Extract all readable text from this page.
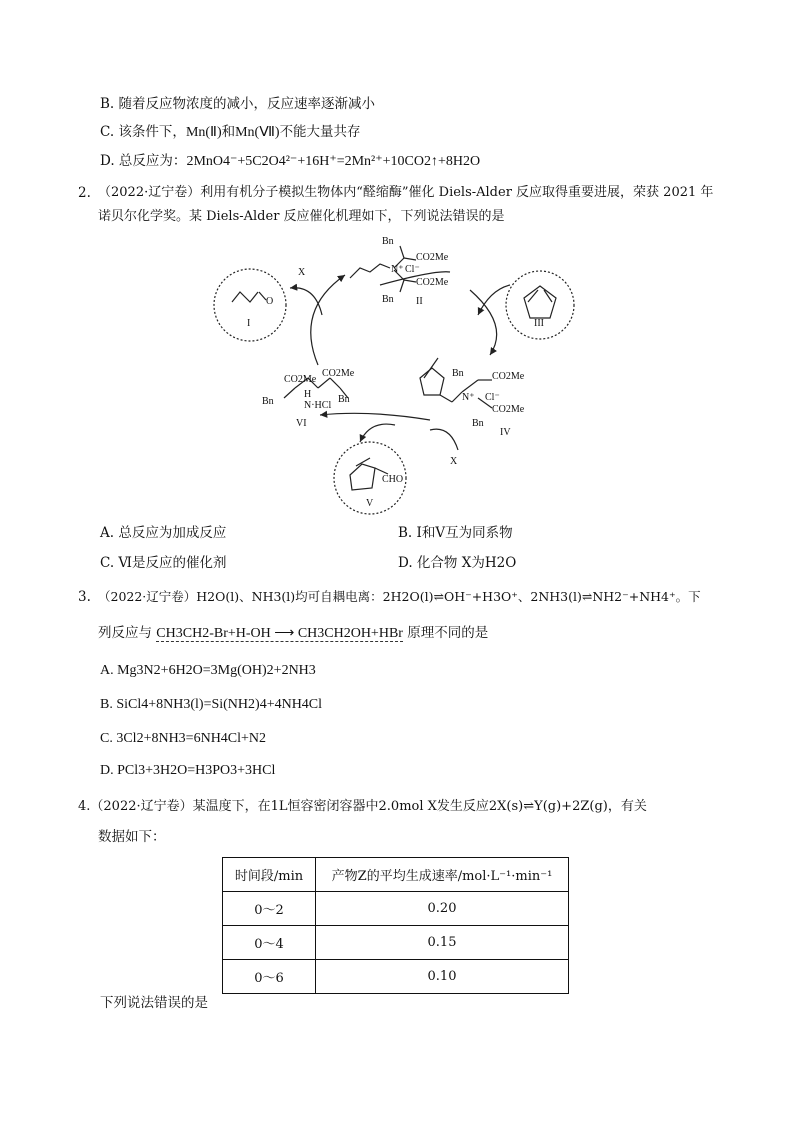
B. 随着反应物浓度的减小，反应速率逐渐减小
C. 该条件下，Mn(Ⅱ)和Mn(Ⅶ)不能大量共存
D. 总反应为：2MnO4⁻+5C2O4²⁻+16H⁺=2Mn²⁺+10CO2↑+8H2O
2. （2022·辽宁卷）利用有机分子模拟生物体内“醛缩酶”催化 Diels-Alder 反应取得重要进展，荣获 2021 年
诺贝尔化学奖。某 Diels-Alder 反应催化机理如下，下列说法错误的是
I
O
X
II
Bn
CO2Me
N⁺ Cl⁻
CO2Me
Bn
III
Bn	CO2Me
N⁺ Cl⁻
CO2Me
Bn
IV
CO2Me
CO2Me
Bn	N·HCl
H	Bn
VI
X
CHO
V
A. 总反应为加成反应	B. Ⅰ和Ⅴ互为同系物
C. Ⅵ是反应的催化剂	D. 化合物 X为H2O
3. （2022·辽宁卷）H2O(l)、NH3(l)均可自耦电离：2H2O(l)⇌OH⁻+H3O⁺、2NH3(l)⇌NH2⁻+NH4⁺。下
列反应与 CH3CH2-Br+H-OH ⟶ CH3CH2OH+HBr 原理不同的是
A. Mg3N2+6H2O=3Mg(OH)2+2NH3
B. SiCl4+8NH3(l)=Si(NH2)4+4NH4Cl
C. 3Cl2+8NH3=6NH4Cl+N2
D. PCl3+3H2O=H3PO3+3HCl
4.（2022·辽宁卷）某温度下，在1L恒容密闭容器中2.0mol X发生反应2X(s)⇌Y(g)+2Z(g)，有关
数据如下：
时间段/min	产物Z的平均生成速率/mol·L⁻¹·min⁻¹
0～2	0.20
0～4	0.15
0～6	0.10
下列说法错误的是
